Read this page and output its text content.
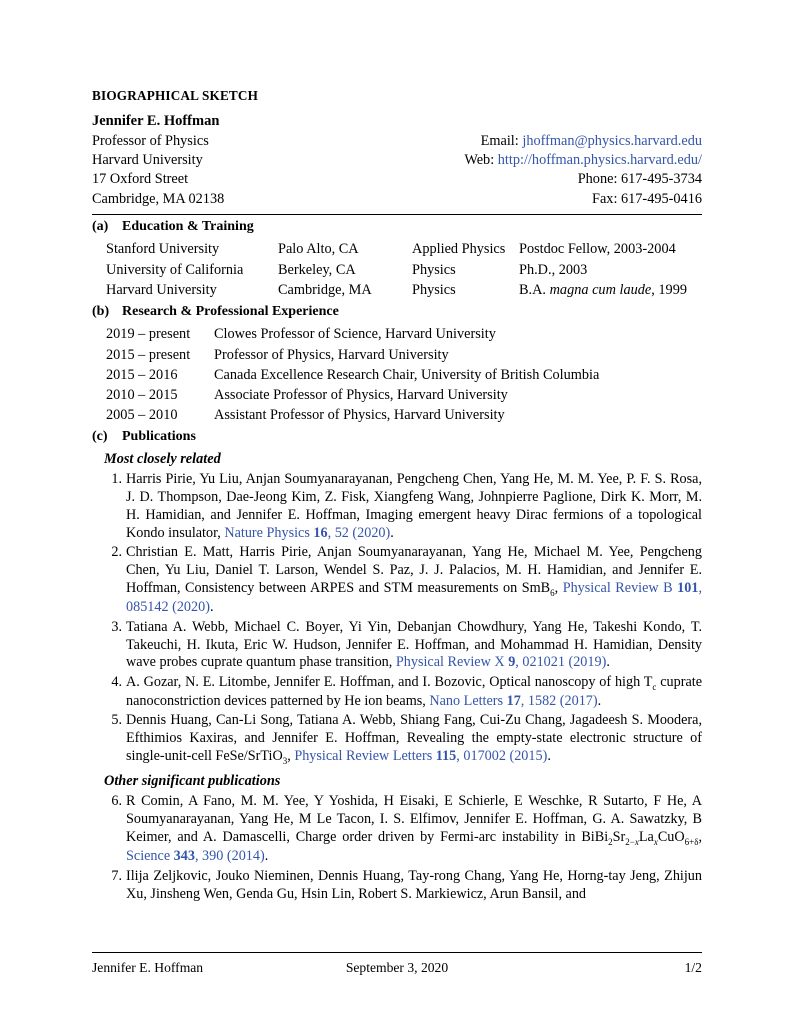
BIOGRAPHICAL SKETCH
Jennifer E. Hoffman
Professor of Physics	Email: jhoffman@physics.harvard.edu
Harvard University	Web: http://hoffman.physics.harvard.edu/
17 Oxford Street	Phone: 617-495-3734
Cambridge, MA 02138	Fax: 617-495-0416
(a) Education & Training
Stanford University	Palo Alto, CA	Applied Physics	Postdoc Fellow, 2003-2004
University of California	Berkeley, CA	Physics	Ph.D., 2003
Harvard University	Cambridge, MA	Physics	B.A. magna cum laude, 1999
(b) Research & Professional Experience
2019 – present	Clowes Professor of Science, Harvard University
2015 – present	Professor of Physics, Harvard University
2015 – 2016	Canada Excellence Research Chair, University of British Columbia
2010 – 2015	Associate Professor of Physics, Harvard University
2005 – 2010	Assistant Professor of Physics, Harvard University
(c)	Publications
Most closely related
1 . Harris Pirie, Yu Liu, Anjan Soumyanarayanan, Pengcheng Chen, Yang He, M. M. Yee, P. F. S. Rosa, J. D. Thompson, Dae-Jeong Kim, Z. Fisk, Xiangfeng Wang, Johnpierre Paglione, Dirk K. Morr, M. H. Hamidian, and Jennifer E. Hoffman, Imaging emergent heavy Dirac fermions of a topological Kondo insulator, Nature Physics 16, 52 (2020).
2 . Christian E. Matt, Harris Pirie, Anjan Soumyanarayanan, Yang He, Michael M. Yee, Pengcheng Chen, Yu Liu, Daniel T. Larson, Wendel S. Paz, J. J. Palacios, M. H. Hamidian, and Jennifer E. Hoffman, Consistency between ARPES and STM measurements on SmB$_6$, Physical Review B 101, 085142 (2020).
3 . Tatiana A. Webb, Michael C. Boyer, Yi Yin, Debanjan Chowdhury, Yang He, Takeshi Kondo, T. Takeuchi, H. Ikuta, Eric W. Hudson, Jennifer E. Hoffman, and Mohammad H. Hamidian, Density wave probes cuprate quantum phase transition, Physical Review X 9, 021021 (2019).
4 . A. Gozar, N. E. Litombe, Jennifer E. Hoffman, and I. Bozovic, Optical nanoscopy of high $T_c$ cuprate nanoconstriction devices patterned by He ion beams, Nano Letters 17, 1582 (2017).
5 . Dennis Huang, Can-Li Song, Tatiana A. Webb, Shiang Fang, Cui-Zu Chang, Jagadeesh S. Moodera, Efthimios Kaxiras, and Jennifer E. Hoffman, Revealing the empty-state electronic structure of single-unit-cell FeSe/SrTiO$_3$, Physical Review Letters 115, 017002 (2015).
Other significant publications
6 . R Comin, A Fano, M. M. Yee, Y Yoshida, H Eisaki, E Schierle, E Weschke, R Sutarto, F He, A Soumyanarayanan, Yang He, M Le Tacon, I. S. Elfimov, Jennifer E. Hoffman, G. A. Sawatzky, B Keimer, and A. Damascelli, Charge order driven by Fermi-arc instability in $BiBi_2Sr_{2-x}La_xCuO_{6+\delta}$, Science 343, 390 (2014).
7 . Ilija Zeljkovic, Jouko Nieminen, Dennis Huang, Tay-rong Chang, Yang He, Horng-tay Jeng, Zhijun Xu, Jinsheng Wen, Genda Gu, Hsin Lin, Robert S. Markiewicz, Arun Bansil, and
Jennifer E. Hoffman	September 3, 2020	1/2
